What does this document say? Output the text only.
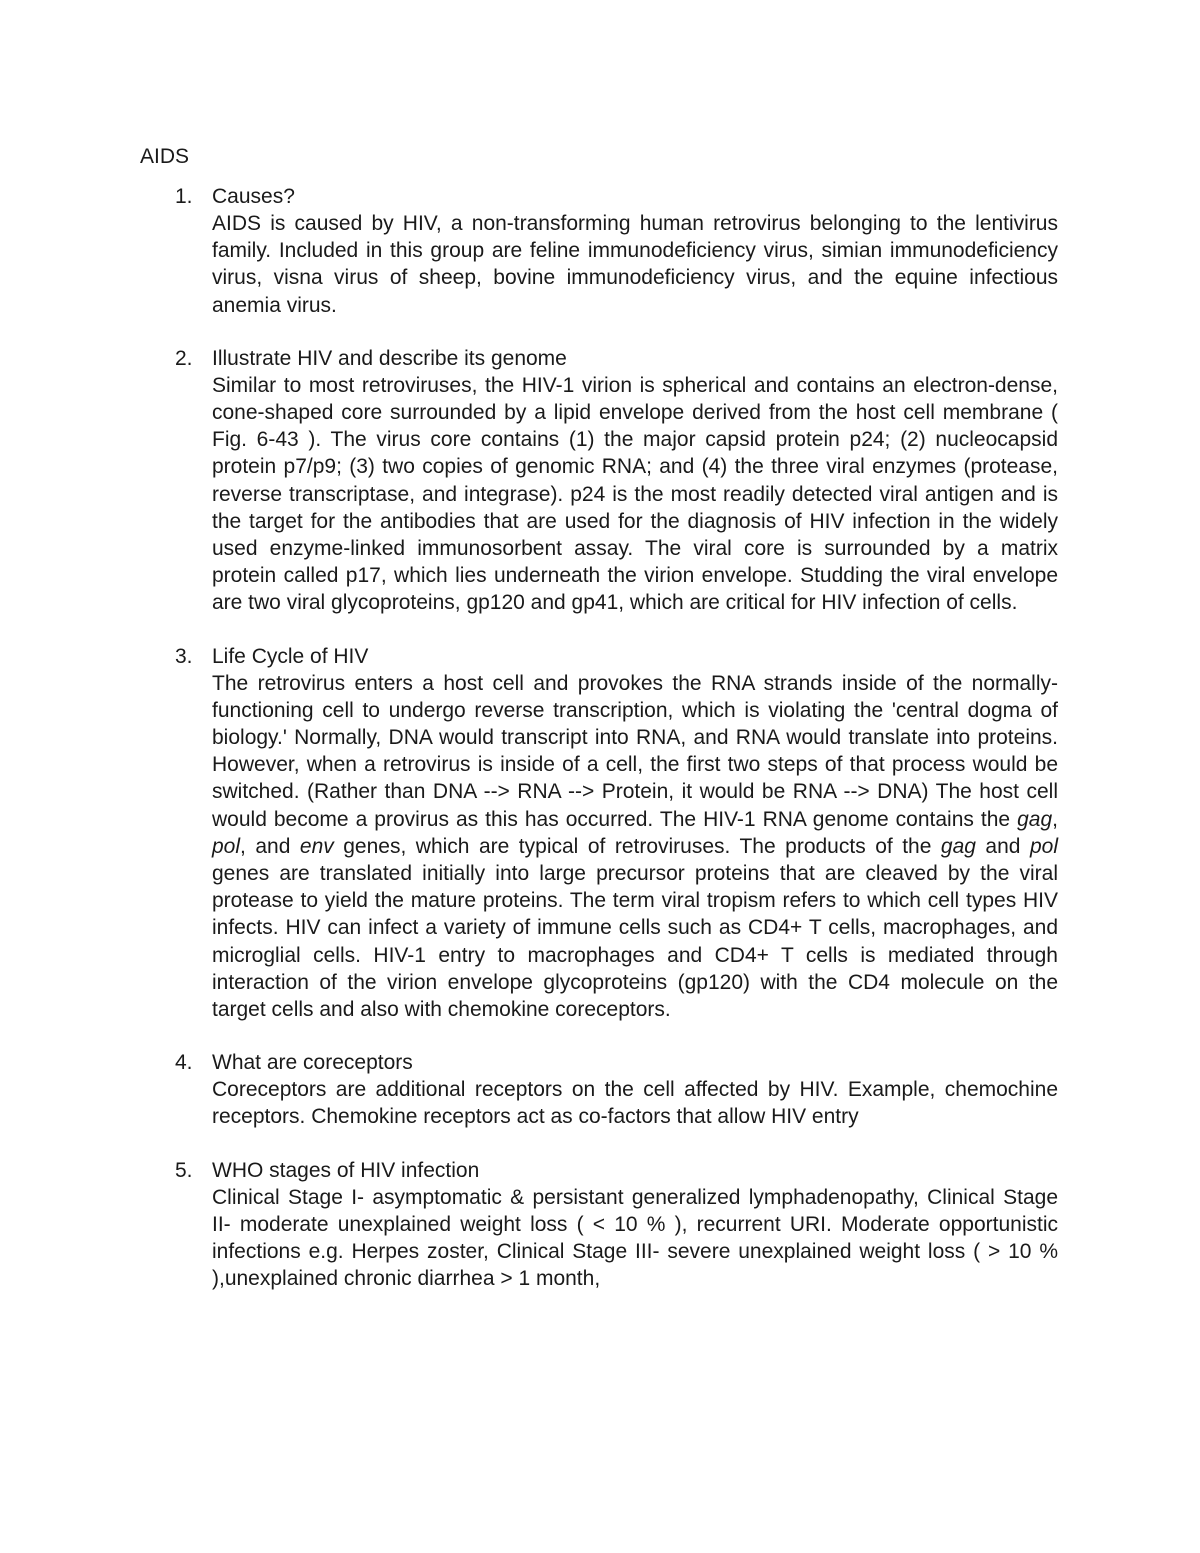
AIDS
1. Causes?

AIDS is caused by HIV, a non-transforming human retrovirus belonging to the lentivirus family. Included in this group are feline immunodeficiency virus, simian immunodeficiency virus, visna virus of sheep, bovine immunodeficiency virus, and the equine infectious anemia virus.

2. Illustrate HIV and describe its genome

Similar to most retroviruses, the HIV-1 virion is spherical and contains an electron-dense, cone-shaped core surrounded by a lipid envelope derived from the host cell membrane ( Fig. 6-43 ). The virus core contains (1) the major capsid protein p24; (2) nucleocapsid protein p7/p9; (3) two copies of genomic RNA; and (4) the three viral enzymes (protease, reverse transcriptase, and integrase). p24 is the most readily detected viral antigen and is the target for the antibodies that are used for the diagnosis of HIV infection in the widely used enzyme-linked immunosorbent assay. The viral core is surrounded by a matrix protein called p17, which lies underneath the virion envelope. Studding the viral envelope are two viral glycoproteins, gp120 and gp41, which are critical for HIV infection of cells.

3. Life Cycle of HIV

The retrovirus enters a host cell and provokes the RNA strands inside of the normally-functioning cell to undergo reverse transcription, which is violating the 'central dogma of biology.' Normally, DNA would transcript into RNA, and RNA would translate into proteins. However, when a retrovirus is inside of a cell, the first two steps of that process would be switched. (Rather than DNA --> RNA --> Protein, it would be RNA --> DNA) The host cell would become a provirus as this has occurred. The HIV-1 RNA genome contains the gag, pol, and env genes, which are typical of retroviruses. The products of the gag and pol genes are translated initially into large precursor proteins that are cleaved by the viral protease to yield the mature proteins. The term viral tropism refers to which cell types HIV infects. HIV can infect a variety of immune cells such as CD4+ T cells, macrophages, and microglial cells. HIV-1 entry to macrophages and CD4+ T cells is mediated through interaction of the virion envelope glycoproteins (gp120) with the CD4 molecule on the target cells and also with chemokine coreceptors.

4. What are coreceptors

Coreceptors are additional receptors on the cell affected by HIV. Example, chemochine receptors. Chemokine receptors act as co-factors that allow HIV entry

5. WHO stages of HIV infection

Clinical Stage I- asymptomatic & persistant generalized lymphadenopathy, Clinical Stage II- moderate unexplained weight loss ( < 10 % ), recurrent URI. Moderate opportunistic infections e.g. Herpes zoster, Clinical Stage III- severe unexplained weight loss ( > 10 % ),unexplained chronic diarrhea > 1 month,
